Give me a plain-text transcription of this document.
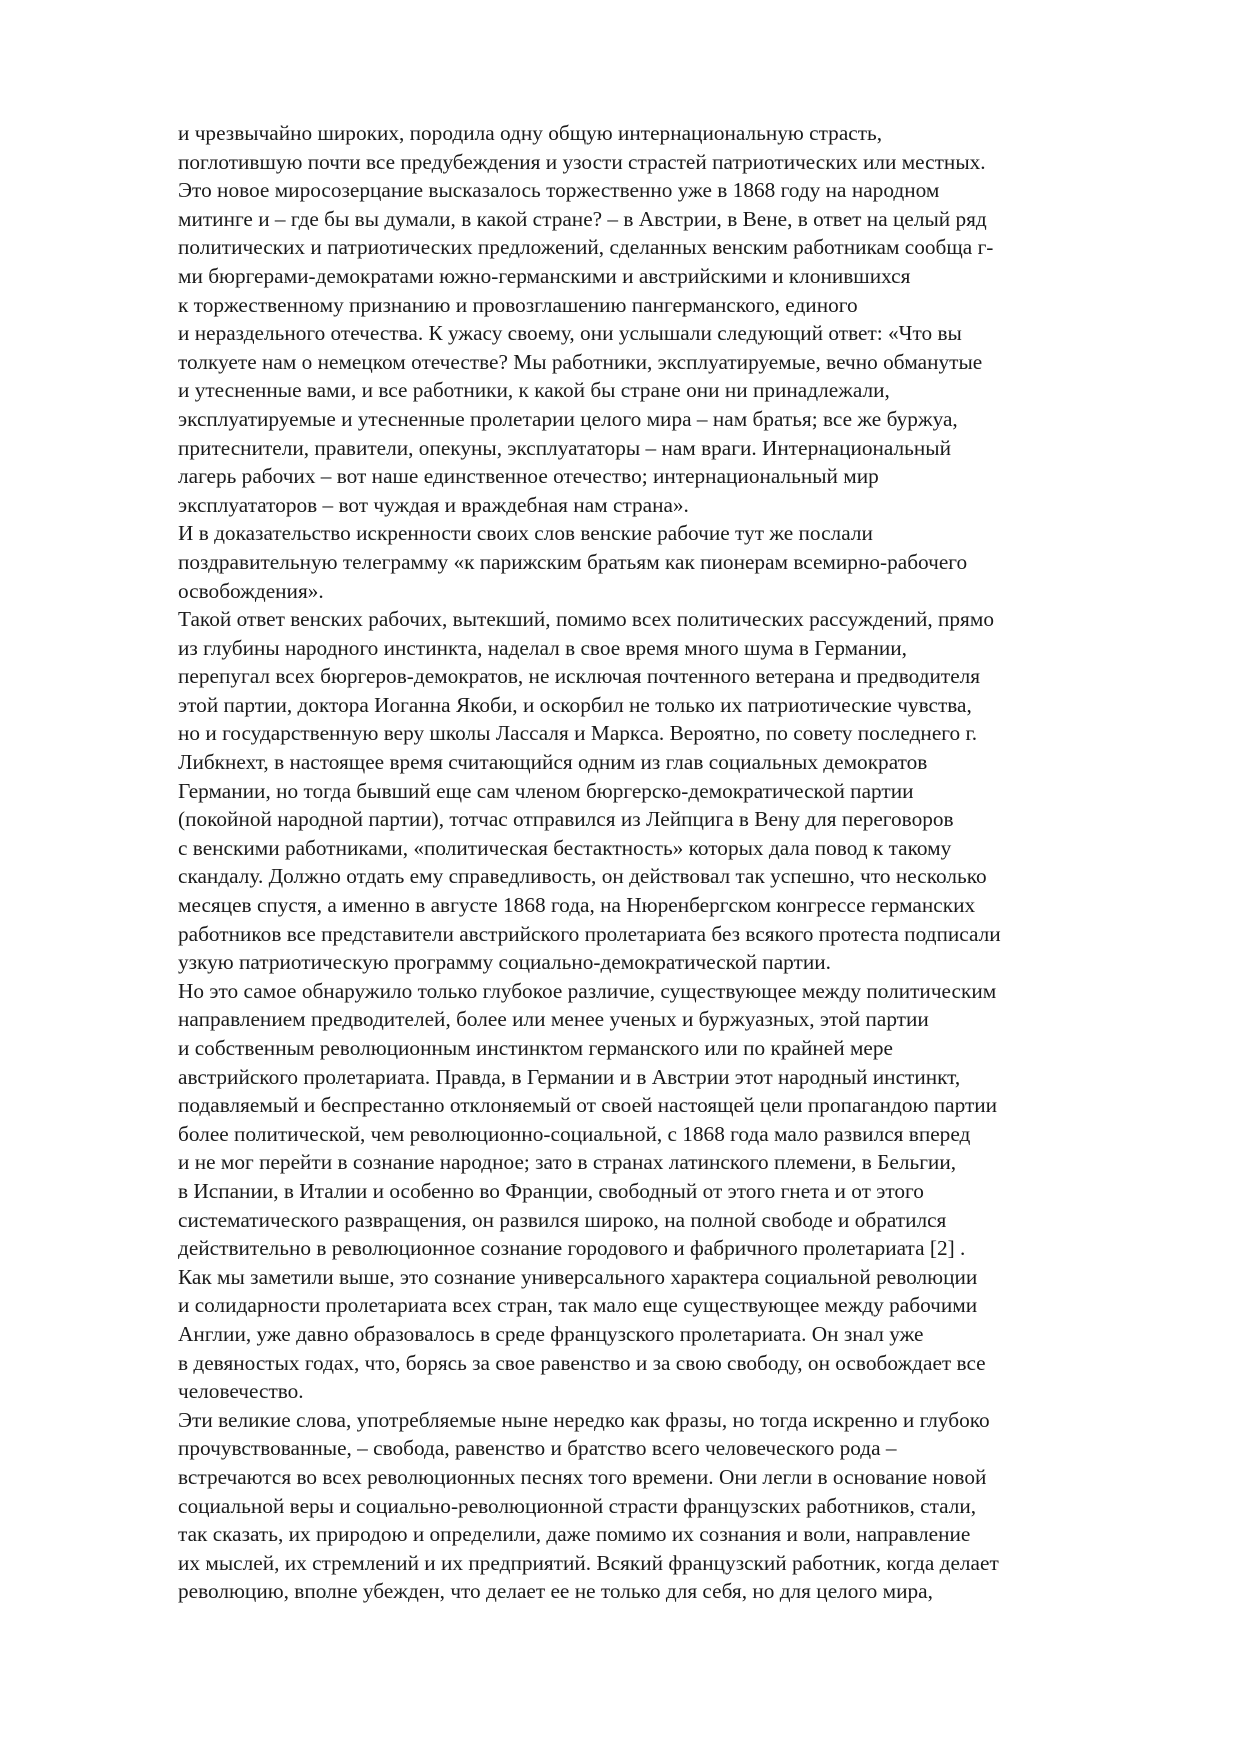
и чрезвычайно широких, породила одну общую интернациональную страсть,
поглотившую почти все предубеждения и узости страстей патриотических или местных.
Это новое миросозерцание высказалось торжественно уже в 1868 году на народном
митинге и – где бы вы думали, в какой стране? – в Австрии, в Вене, в ответ на целый ряд
политических и патриотических предложений, сделанных венским работникам сообща г-
ми бюргерами-демократами южно-германскими и австрийскими и клонившихся
к торжественному признанию и провозглашению пангерманского, единого
и нераздельного отечества. К ужасу своему, они услышали следующий ответ: «Что вы
толкуете нам о немецком отечестве? Мы работники, эксплуатируемые, вечно обманутые
и утесненные вами, и все работники, к какой бы стране они ни принадлежали,
эксплуатируемые и утесненные пролетарии целого мира – нам братья; все же буржуа,
притеснители, правители, опекуны, эксплуататоры – нам враги. Интернациональный
лагерь рабочих – вот наше единственное отечество; интернациональный мир
эксплуататоров – вот чуждая и враждебная нам страна».
И в доказательство искренности своих слов венские рабочие тут же послали
поздравительную телеграмму «к парижским братьям как пионерам всемирно-рабочего
освобождения».
Такой ответ венских рабочих, вытекший, помимо всех политических рассуждений, прямо
из глубины народного инстинкта, наделал в свое время много шума в Германии,
перепугал всех бюргеров-демократов, не исключая почтенного ветерана и предводителя
этой партии, доктора Иоганна Якоби, и оскорбил не только их патриотические чувства,
но и государственную веру школы Лассаля и Маркса. Вероятно, по совету последнего г.
Либкнехт, в настоящее время считающийся одним из глав социальных демократов
Германии, но тогда бывший еще сам членом бюргерско-демократической партии
(покойной народной партии), тотчас отправился из Лейпцига в Вену для переговоров
с венскими работниками, «политическая бестактность» которых дала повод к такому
скандалу. Должно отдать ему справедливость, он действовал так успешно, что несколько
месяцев спустя, а именно в августе 1868 года, на Нюренбергском конгрессе германских
работников все представители австрийского пролетариата без всякого протеста подписали
узкую патриотическую программу социально-демократической партии.
Но это самое обнаружило только глубокое различие, существующее между политическим
направлением предводителей, более или менее ученых и буржуазных, этой партии
и собственным революционным инстинктом германского или по крайней мере
австрийского пролетариата. Правда, в Германии и в Австрии этот народный инстинкт,
подавляемый и беспрестанно отклоняемый от своей настоящей цели пропагандою партии
более политической, чем революционно-социальной, с 1868 года мало развился вперед
и не мог перейти в сознание народное; зато в странах латинского племени, в Бельгии,
в Испании, в Италии и особенно во Франции, свободный от этого гнета и от этого
систематического развращения, он развился широко, на полной свободе и обратился
действительно в революционное сознание городового и фабричного пролетариата [2] .
Как мы заметили выше, это сознание универсального характера социальной революции
и солидарности пролетариата всех стран, так мало еще существующее между рабочими
Англии, уже давно образовалось в среде французского пролетариата. Он знал уже
в девяностых годах, что, борясь за свое равенство и за свою свободу, он освобождает все
человечество.
Эти великие слова, употребляемые ныне нередко как фразы, но тогда искренно и глубоко
прочувствованные, – свобода, равенство и братство всего человеческого рода –
встречаются во всех революционных песнях того времени. Они легли в основание новой
социальной веры и социально-революционной страсти французских работников, стали,
так сказать, их природою и определили, даже помимо их сознания и воли, направление
их мыслей, их стремлений и их предприятий. Всякий французский работник, когда делает
революцию, вполне убежден, что делает ее не только для себя, но для целого мира,
